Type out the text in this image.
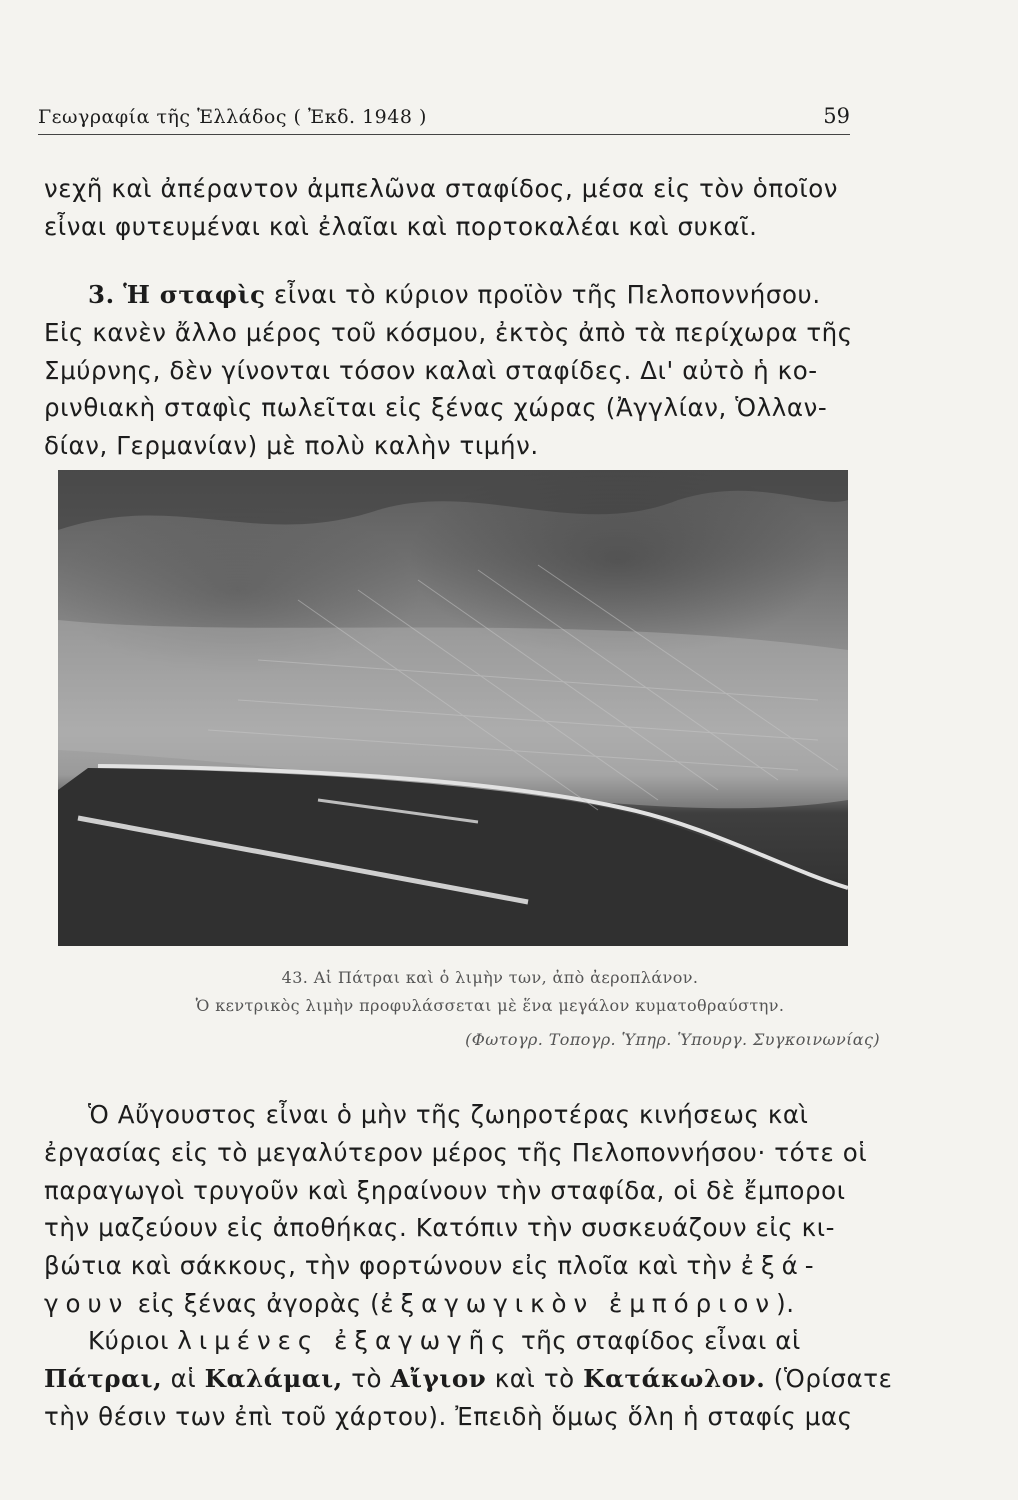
Γεωγραφία τῆς Ἑλλάδος ( Ἐκδ. 1948 )	59
νεχῆ καὶ ἀπέραντον ἀμπελῶνα σταφίδος, μέσα εἰς τὸν ὁποῖον
εἶναι φυτευμέναι καὶ ἐλαῖαι καὶ πορτοκαλέαι καὶ συκαῖ.
3. Ἡ σταφὶς εἶναι τὸ κύριον προϊὸν τῆς Πελοποννήσου.
Εἰς κανὲν ἄλλο μέρος τοῦ κόσμου, ἐκτὸς ἀπὸ τὰ περίχωρα τῆς
Σμύρνης, δὲν γίνονται τόσον καλαὶ σταφίδες. Δι' αὐτὸ ἡ κο-
ρινθιακὴ σταφὶς πωλεῖται εἰς ξένας χώρας (Ἀγγλίαν, Ὁλλαν-
δίαν, Γερμανίαν) μὲ πολὺ καλὴν τιμήν.
43. Αἱ Πάτραι καὶ ὁ λιμὴν των, ἀπὸ ἀεροπλάνον.
Ὁ κεντρικὸς λιμὴν προφυλάσσεται μὲ ἕνα μεγάλον κυματοθραύστην.
(Φωτογρ. Τοπογρ. Ὑπηρ. Ὑπουργ. Συγκοινωνίας)
Ὁ Αὔγουστος εἶναι ὁ μὴν τῆς ζωηροτέρας κινήσεως καὶ
ἐργασίας εἰς τὸ μεγαλύτερον μέρος τῆς Πελοποννήσου· τότε οἱ
παραγωγοὶ τρυγοῦν καὶ ξηραίνουν τὴν σταφίδα, οἱ δὲ ἔμποροι
τὴν μαζεύουν εἰς ἀποθήκας. Κατόπιν τὴν συσκευάζουν εἰς κι-
βώτια καὶ σάκκους, τὴν φορτώνουν εἰς πλοῖα καὶ τὴν ἐξά-
γουν εἰς ξένας ἀγορὰς (ἐξαγωγικὸν ἐμπόριον).
Κύριοι λιμένες ἐξαγωγῆς τῆς σταφίδος εἶναι αἱ
Πάτραι, αἱ Καλάμαι, τὸ Αἴγιον καὶ τὸ Κατάκωλον. (Ὁρίσατε
τὴν θέσιν των ἐπὶ τοῦ χάρτου). Ἐπειδὴ ὅμως ὅλη ἡ σταφίς μας
